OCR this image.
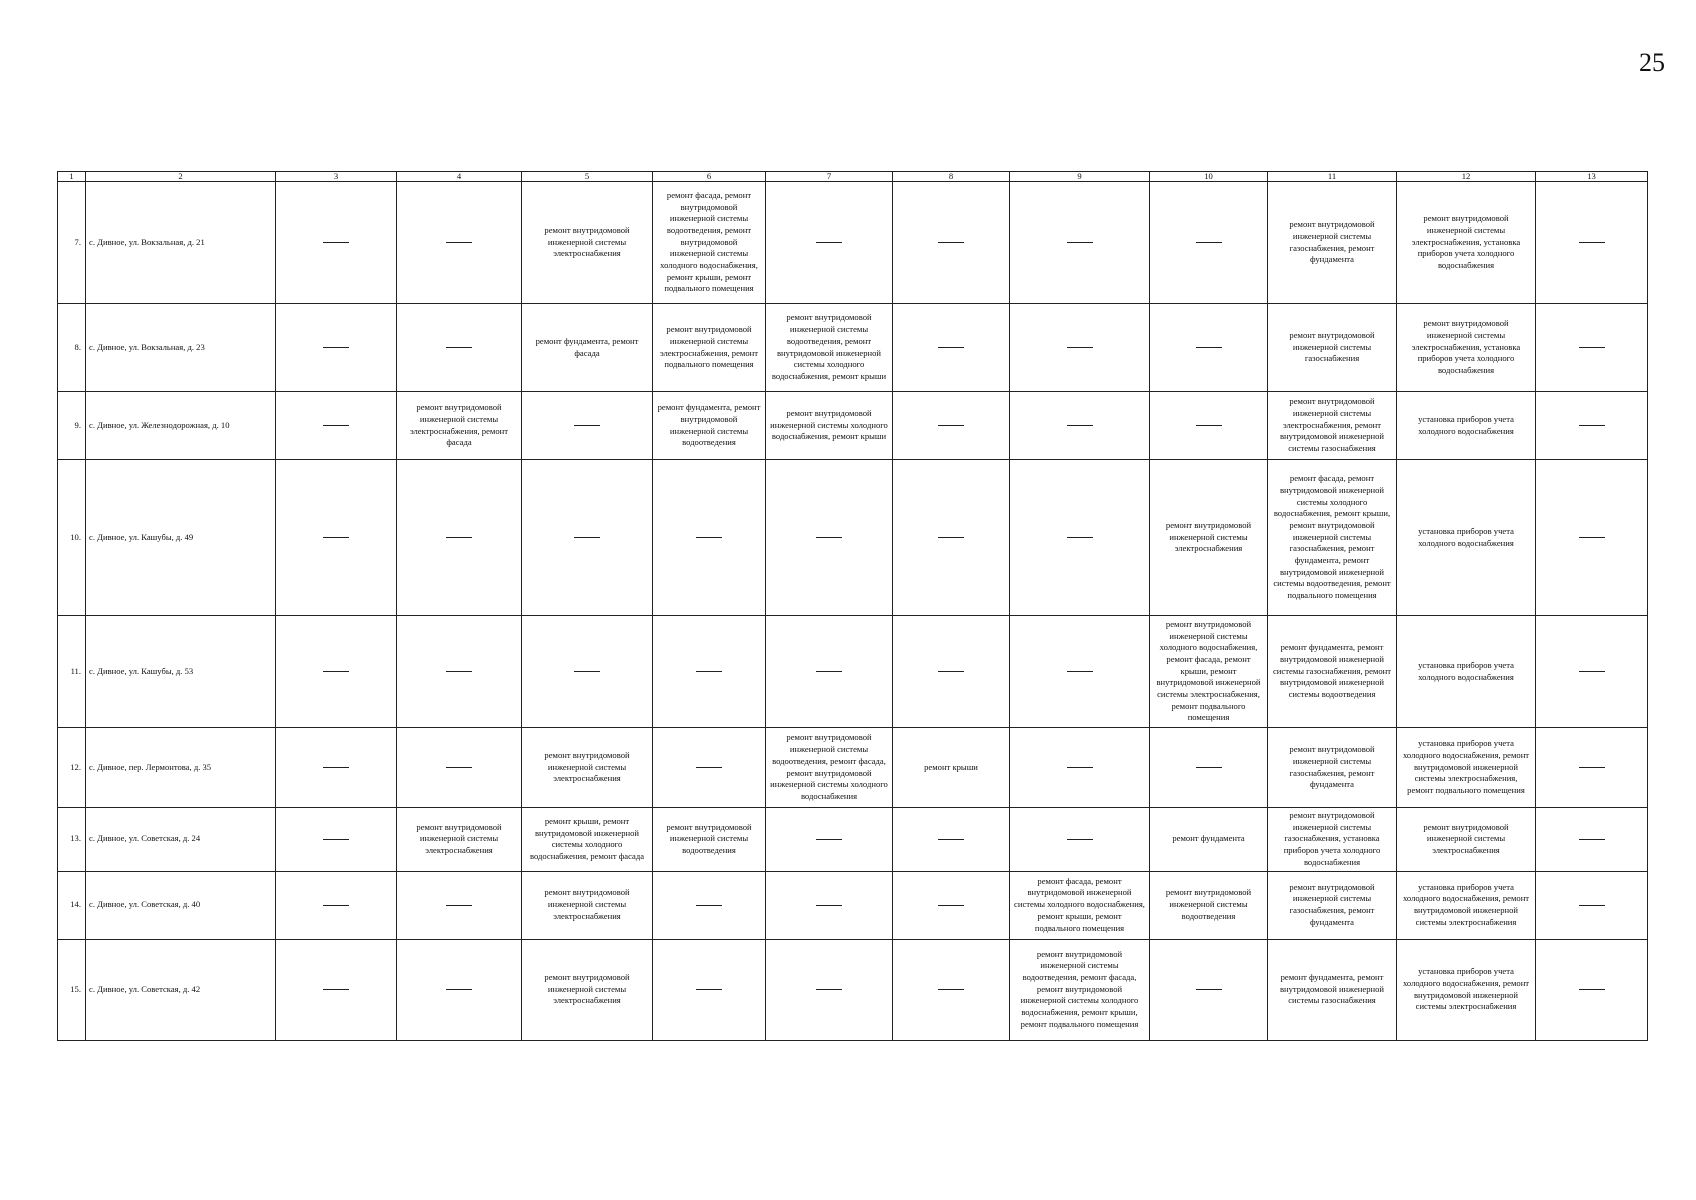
25
1	2	3	4	5	6	7	8	9	10	11	12	13
7.	с. Дивное, ул. Вокзальная, д. 21			ремонт внутридомовой инженерной системы электроснабжения	ремонт фасада, ремонт внутридомовой инженерной системы водоотведения, ремонт внутридомовой инженерной системы холодного водоснабжения, ремонт крыши, ремонт подвального помещения					ремонт внутридомовой инженерной системы газоснабжения, ремонт фундамента	ремонт внутридомовой инженерной системы электроснабжения, установка приборов учета холодного водоснабжения	
8.	с. Дивное, ул. Вокзальная, д. 23			ремонт фундамента, ремонт фасада	ремонт внутридомовой инженерной системы электроснабжения, ремонт подвального помещения	ремонт внутридомовой инженерной системы водоотведения, ремонт внутридомовой инженерной системы холодного водоснабжения, ремонт крыши				ремонт внутридомовой инженерной системы газоснабжения	ремонт внутридомовой инженерной системы электроснабжения, установка приборов учета холодного водоснабжения	
9.	с. Дивное, ул. Железнодорожная, д. 10		ремонт внутридомовой инженерной системы электроснабжения, ремонт фасада		ремонт фундамента, ремонт внутридомовой инженерной системы водоотведения	ремонт внутридомовой инженерной системы холодного водоснабжения, ремонт крыши				ремонт внутридомовой инженерной системы электроснабжения, ремонт внутридомовой инженерной системы газоснабжения	установка приборов учета холодного водоснабжения	
10.	с. Дивное, ул. Кашубы, д. 49								ремонт внутридомовой инженерной системы электроснабжения	ремонт фасада, ремонт внутридомовой инженерной системы холодного водоснабжения, ремонт крыши, ремонт внутридомовой инженерной системы газоснабжения, ремонт фундамента, ремонт внутридомовой инженерной системы водоотведения, ремонт подвального помещения	установка приборов учета холодного водоснабжения	
11.	с. Дивное, ул. Кашубы, д. 53								ремонт внутридомовой инженерной системы холодного водоснабжения, ремонт фасада, ремонт крыши, ремонт внутридомовой инженерной системы электроснабжения, ремонт подвального помещения	ремонт фундамента, ремонт внутридомовой инженерной системы газоснабжения, ремонт внутридомовой инженерной системы водоотведения	установка приборов учета холодного водоснабжения	
12.	с. Дивное, пер. Лермонтова, д. 35			ремонт внутридомовой инженерной системы электроснабжения		ремонт внутридомовой инженерной системы водоотведения, ремонт фасада, ремонт внутридомовой инженерной системы холодного водоснабжения	ремонт крыши			ремонт внутридомовой инженерной системы газоснабжения, ремонт фундамента	установка приборов учета холодного водоснабжения, ремонт внутридомовой инженерной системы электроснабжения, ремонт подвального помещения	
13.	с. Дивное, ул. Советская, д. 24		ремонт внутридомовой инженерной системы электроснабжения	ремонт крыши, ремонт внутридомовой инженерной системы холодного водоснабжения, ремонт фасада	ремонт внутридомовой инженерной системы водоотведения				ремонт фундамента	ремонт внутридомовой инженерной системы газоснабжения, установка приборов учета холодного водоснабжения	ремонт внутридомовой инженерной системы электроснабжения	
14.	с. Дивное, ул. Советская, д. 40			ремонт внутридомовой инженерной системы электроснабжения				ремонт фасада, ремонт внутридомовой инженерной системы холодного водоснабжения, ремонт крыши, ремонт подвального помещения	ремонт внутридомовой инженерной системы водоотведения	ремонт внутридомовой инженерной системы газоснабжения, ремонт фундамента	установка приборов учета холодного водоснабжения, ремонт внутридомовой инженерной системы электроснабжения	
15.	с. Дивное, ул. Советская, д. 42			ремонт внутридомовой инженерной системы электроснабжения				ремонт внутридомовой инженерной системы водоотведения, ремонт фасада, ремонт внутридомовой инженерной системы холодного водоснабжения, ремонт крыши, ремонт подвального помещения		ремонт фундамента, ремонт внутридомовой инженерной системы газоснабжения	установка приборов учета холодного водоснабжения, ремонт внутридомовой инженерной системы электроснабжения	
